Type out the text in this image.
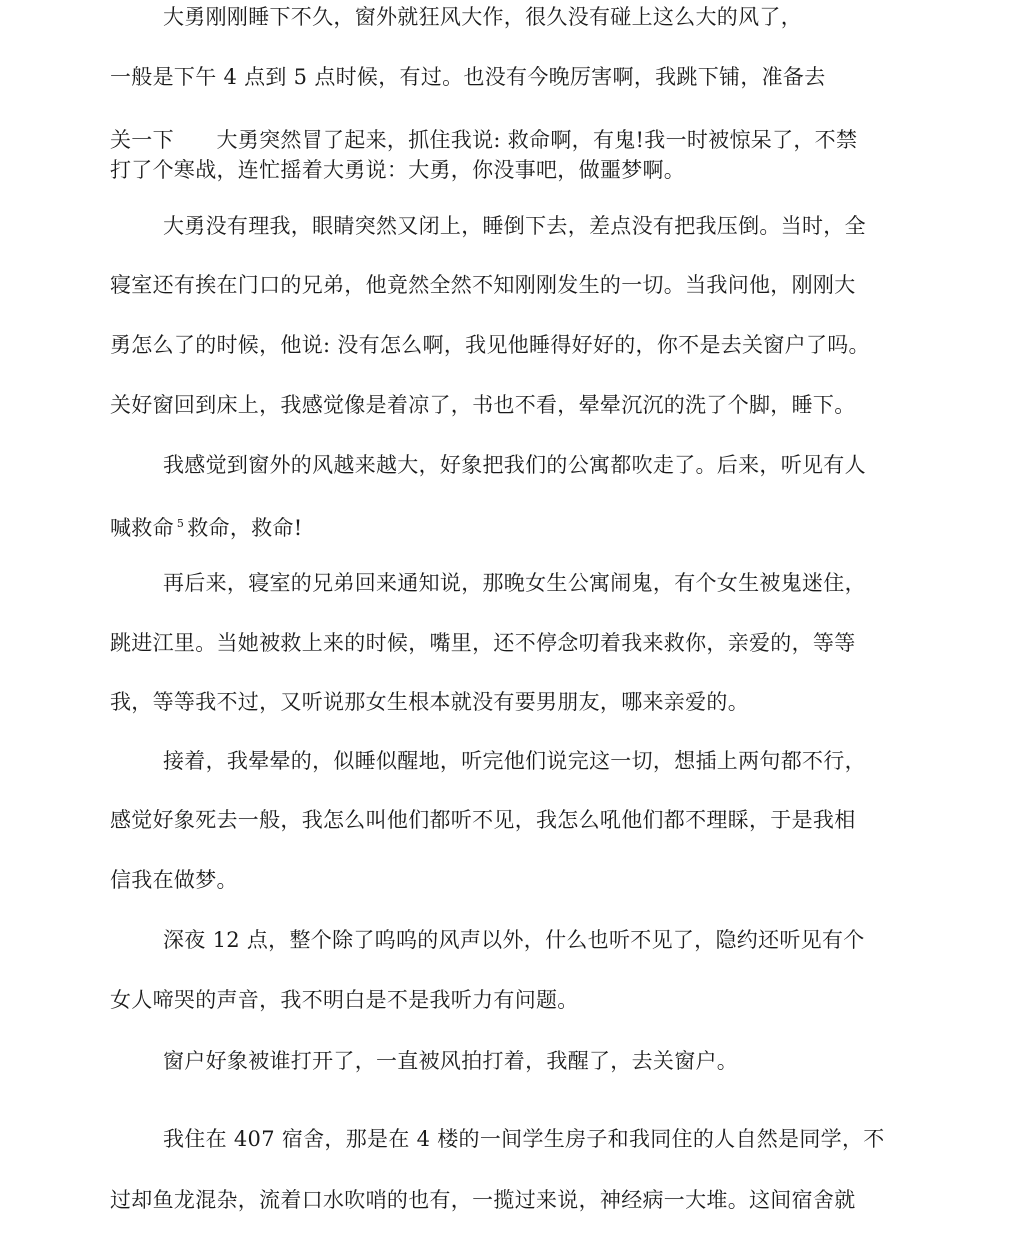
大勇刚刚睡下不久，窗外就狂风大作，很久没有碰上这么大的风了，
一般是下午 4 点到 5 点时候，有过。也没有今晚厉害啊，我跳下铺，准备去
关一下　　大勇突然冒了起来，抓住我说: 救命啊，有鬼!我一时被惊呆了，不禁
打了个寒战，连忙摇着大勇说：大勇，你没事吧，做噩梦啊。
大勇没有理我，眼睛突然又闭上，睡倒下去，差点没有把我压倒。当时，全
寝室还有挨在门口的兄弟，他竟然全然不知刚刚发生的一切。当我问他，刚刚大
勇怎么了的时候，他说: 没有怎么啊，我见他睡得好好的，你不是去关窗户了吗。
关好窗回到床上，我感觉像是着凉了，书也不看，晕晕沉沉的洗了个脚，睡下。
我感觉到窗外的风越来越大，好象把我们的公寓都吹走了。后来，听见有人
喊救命 $^5$ 救命，救命!
再后来，寝室的兄弟回来通知说，那晚女生公寓闹鬼，有个女生被鬼迷住，
跳进江里。当她被救上来的时候，嘴里，还不停念叨着我来救你，亲爱的，等等
我，等等我不过，又听说那女生根本就没有要男朋友，哪来亲爱的。
接着，我晕晕的，似睡似醒地，听完他们说完这一切，想插上两句都不行，
感觉好象死去一般，我怎么叫他们都听不见，我怎么吼他们都不理睬，于是我相
信我在做梦。
深夜 12 点，整个除了呜呜的风声以外，什么也听不见了，隐约还听见有个
女人啼哭的声音，我不明白是不是我听力有问题。
窗户好象被谁打开了，一直被风拍打着，我醒了，去关窗户。
我住在 407 宿舍，那是在 4 楼的一间学生房子和我同住的人自然是同学，不
过却鱼龙混杂，流着口水吹哨的也有，一揽过来说，神经病一大堆。这间宿舍就
